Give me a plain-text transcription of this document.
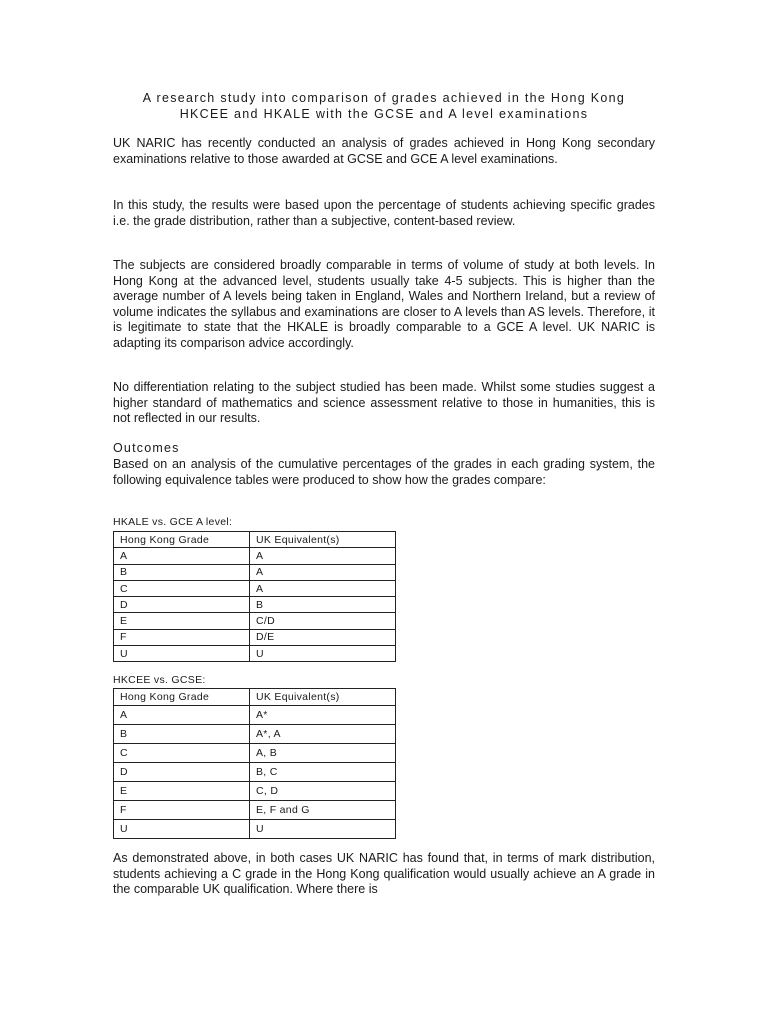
A research study into comparison of grades achieved in the Hong Kong
HKCEE and HKALE with the GCSE and A level examinations

UK NARIC has recently conducted an analysis of grades achieved in Hong Kong secondary examinations relative to those awarded at GCSE and GCE A level examinations.

In this study, the results were based upon the percentage of students achieving specific grades i.e. the grade distribution, rather than a subjective, content-based review.

The subjects are considered broadly comparable in terms of volume of study at both levels. In Hong Kong at the advanced level, students usually take 4-5 subjects. This is higher than the average number of A levels being taken in England, Wales and Northern Ireland, but a review of volume indicates the syllabus and examinations are closer to A levels than AS levels. Therefore, it is legitimate to state that the HKALE is broadly comparable to a GCE A level. UK NARIC is adapting its comparison advice accordingly.

No differentiation relating to the subject studied has been made. Whilst some studies suggest a higher standard of mathematics and science assessment relative to those in humanities, this is not reflected in our results.

Outcomes

Based on an analysis of the cumulative percentages of the grades in each grading system, the following equivalence tables were produced to show how the grades compare:

HKALE vs. GCE A level:

Hong Kong Grade	UK Equivalent(s)
A	A
B	A
C	A
D	B
E	C/D
F	D/E
U	U

HKCEE vs. GCSE:

Hong Kong Grade	UK Equivalent(s)
A	A*
B	A*, A
C	A, B
D	B, C
E	C, D
F	E, F and G
U	U

As demonstrated above, in both cases UK NARIC has found that, in terms of mark distribution, students achieving a C grade in the Hong Kong qualification would usually achieve an A grade in the comparable UK qualification. Where there is
